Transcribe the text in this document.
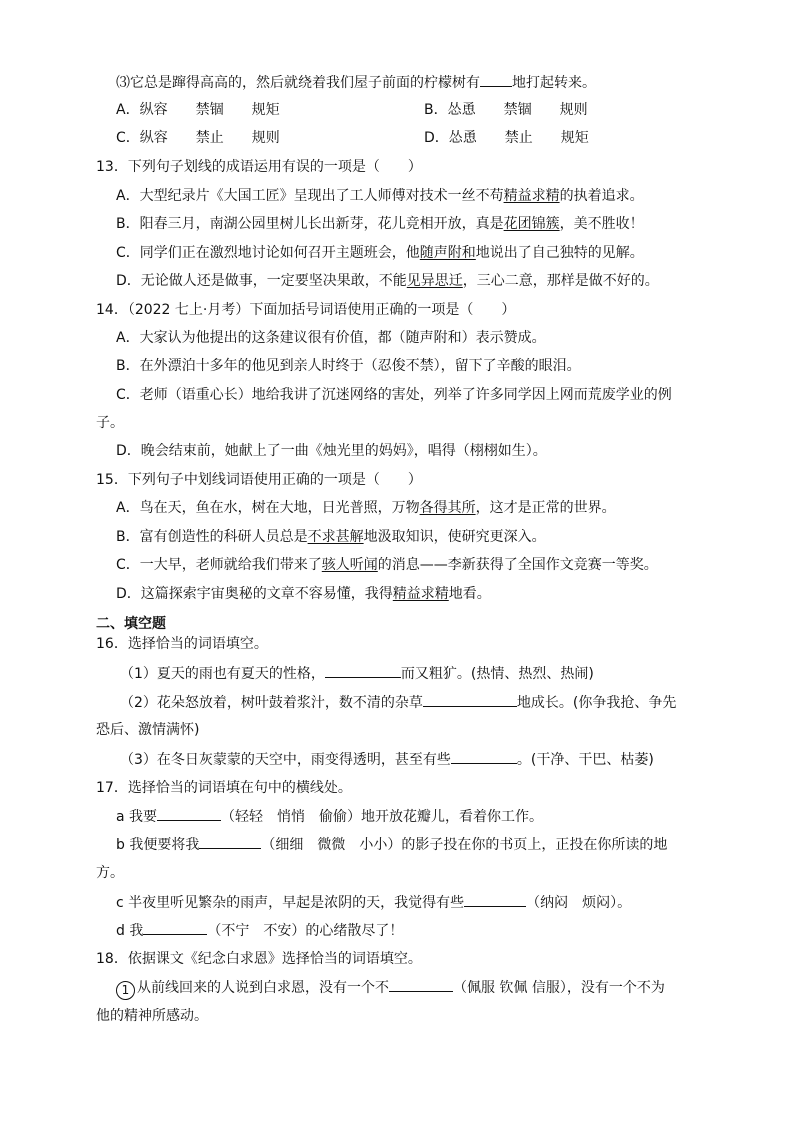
⑶它总是蹿得高高的，然后就绕着我们屋子前面的柠檬树有 地打起转来。
A．纵容　　禁锢　　规矩	B．怂恿　　禁锢　　规则
C．纵容　　禁止　　规则	D．怂恿　　禁止　　规矩
13．下列句子划线的成语运用有误的一项是（　　）
A．大型纪录片《大国工匠》呈现出了工人师傅对技术一丝不苟精益求精的执着追求。
B．阳春三月，南湖公园里树儿长出新芽，花儿竞相开放，真是花团锦簇，美不胜收！
C．同学们正在激烈地讨论如何召开主题班会，他随声附和地说出了自己独特的见解。
D．无论做人还是做事，一定要坚决果敢，不能见异思迁，三心二意，那样是做不好的。
14．（2022 七上·月考）下面加括号词语使用正确的一项是（　　）
A．大家认为他提出的这条建议很有价值，都（随声附和）表示赞成。
B．在外漂泊十多年的他见到亲人时终于（忍俊不禁），留下了辛酸的眼泪。
C．老师（语重心长）地给我讲了沉迷网络的害处，列举了许多同学因上网而荒废学业的例
子。
D．晚会结束前，她献上了一曲《烛光里的妈妈》，唱得（栩栩如生）。
15．下列句子中划线词语使用正确的一项是（　　）
A．鸟在天，鱼在水，树在大地，日光普照，万物各得其所，这才是正常的世界。
B．富有创造性的科研人员总是不求甚解地汲取知识，使研究更深入。
C．一大早，老师就给我们带来了骇人听闻的消息——李新获得了全国作文竞赛一等奖。
D．这篇探索宇宙奥秘的文章不容易懂，我得精益求精地看。
二、填空题
16．选择恰当的词语填空。
（1）夏天的雨也有夏天的性格，	而又粗犷。(热情、热烈、热闹)
（2）花朵怒放着，树叶鼓着浆汁，数不清的杂草	地成长。(你争我抢、争先
恐后、激情满怀)
（3）在冬日灰蒙蒙的天空中，雨变得透明，甚至有些	。(干净、干巴、枯萎)
17．选择恰当的词语填在句中的横线处。
a 我要	（轻轻　悄悄　偷偷）地开放花瓣儿，看着你工作。
b 我便要将我	（细细　微微　小小）的影子投在你的书页上，正投在你所读的地
方。
c 半夜里听见繁杂的雨声，早起是浓阴的天，我觉得有些	（纳闷　烦闷）。
d 我	（不宁　不安）的心绪散尽了！
18．依据课文《纪念白求恩》选择恰当的词语填空。
1 从前线回来的人说到白求恩，没有一个不	（佩服 钦佩 信服），没有一个不为
他的精神所感动。
